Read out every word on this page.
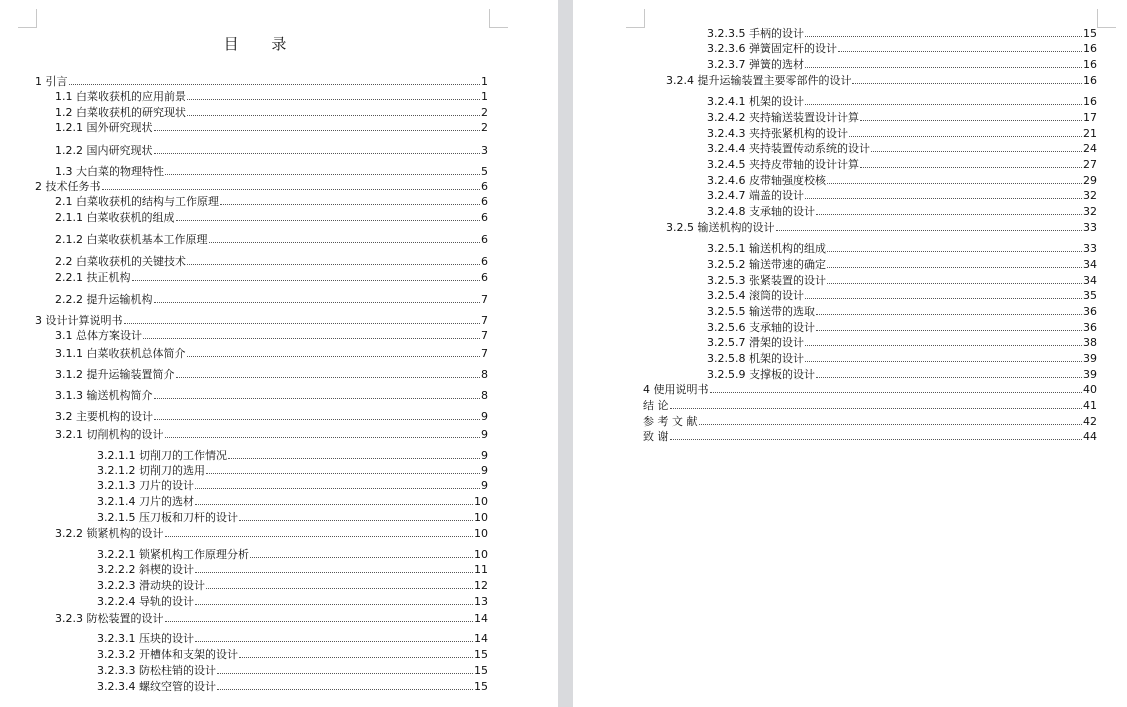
目 录
1 引言	1
1.1 白菜收获机的应用前景	1
1.2 白菜收获机的研究现状	2
1.2.1 国外研究现状	2
1.2.2 国内研究现状	3
1.3 大白菜的物理特性	5
2 技术任务书	6
2.1 白菜收获机的结构与工作原理	6
2.1.1 白菜收获机的组成	6
2.1.2 白菜收获机基本工作原理	6
2.2 白菜收获机的关键技术	6
2.2.1 扶正机构	6
2.2.2 提升运输机构	7
3 设计计算说明书	7
3.1 总体方案设计	7
3.1.1 白菜收获机总体简介	7
3.1.2 提升运输装置简介	8
3.1.3 输送机构简介	8
3.2 主要机构的设计	9
3.2.1 切削机构的设计	9
3.2.1.1 切削刀的工作情况	9
3.2.1.2 切削刀的选用	9
3.2.1.3 刀片的设计	9
3.2.1.4 刀片的选材	10
3.2.1.5 压刀板和刀杆的设计	10
3.2.2 锁紧机构的设计	10
3.2.2.1 锁紧机构工作原理分析	10
3.2.2.2 斜楔的设计	11
3.2.2.3 滑动块的设计	12
3.2.2.4 导轨的设计	13
3.2.3 防松装置的设计	14
3.2.3.1 压块的设计	14
3.2.3.2 开槽体和支架的设计	15
3.2.3.3 防松柱销的设计	15
3.2.3.4 螺纹空管的设计	15
3.2.3.5 手柄的设计	15
3.2.3.6 弹簧固定杆的设计	16
3.2.3.7 弹簧的选材	16
3.2.4 提升运输装置主要零部件的设计	16
3.2.4.1 机架的设计	16
3.2.4.2 夹持输送装置设计计算	17
3.2.4.3 夹持张紧机构的设计	21
3.2.4.4 夹持装置传动系统的设计	24
3.2.4.5 夹持皮带轴的设计计算	27
3.2.4.6 皮带轴强度校核	29
3.2.4.7 端盖的设计	32
3.2.4.8 支承轴的设计	32
3.2.5 输送机构的设计	33
3.2.5.1 输送机构的组成	33
3.2.5.2 输送带速的确定	34
3.2.5.3 张紧装置的设计	34
3.2.5.4 滚筒的设计	35
3.2.5.5 输送带的选取	36
3.2.5.6 支承轴的设计	36
3.2.5.7 滑架的设计	38
3.2.5.8 机架的设计	39
3.2.5.9 支撑板的设计	39
4 使用说明书	40
结 论	41
参 考 文 献	42
致 谢	44
